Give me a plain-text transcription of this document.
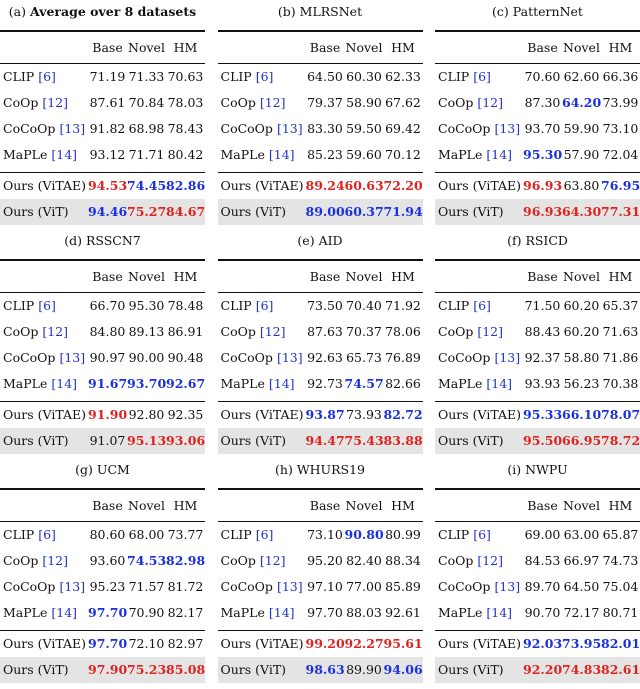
(a) Average over 8 datasets
Base Novel HM
CLIP [6]	71.19 71.33 70.63
CoOp [12]	87.61 70.84 78.03
CoCoOp [13] 91.82 68.98 78.43
MaPLe [14]	93.12 71.71 80.42
Ours (ViTAE) 94.53 74.45 82.86
Ours (ViT)	94.46 75.27 84.67
(b) MLRSNet
Base Novel HM
CLIP [6]	64.50 60.30 62.33
CoOp [12]	79.37 58.90 67.62
CoCoOp [13] 83.30 59.50 69.42
MaPLe [14]	85.23 59.60 70.12
Ours (ViTAE) 89.24 60.63 72.20
Ours (ViT)	89.00 60.37 71.94
(c) PatternNet
Base Novel HM
CLIP [6]	70.60 62.60 66.36
CoOp [12]	87.30 64.20 73.99
CoCoOp [13] 93.70 59.90 73.10
MaPLe [14] 95.30 57.90 72.04
Ours (ViTAE) 96.93 63.80 76.95
Ours (ViT)	96.93 64.30 77.31
(d) RSSCN7
Base Novel HM
CLIP [6]	66.70 95.30 78.48
CoOp [12]	84.80 89.13 86.91
CoCoOp [13] 90.97 90.00 90.48
MaPLe [14] 91.67 93.70 92.67
Ours (ViTAE) 91.90 92.80 92.35
Ours (ViT)	91.07 95.13 93.06
(e) AID
Base Novel HM
CLIP [6]	73.50 70.40 71.92
CoOp [12]	87.63 70.37 78.06
CoCoOp [13] 92.63 65.73 76.89
MaPLe [14]	92.73 74.57 82.66
Ours (ViTAE) 93.87 73.93 82.72
Ours (ViT)	94.47 75.43 83.88
(f) RSICD
Base Novel HM
CLIP [6]	71.50 60.20 65.37
CoOp [12]	88.43 60.20 71.63
CoCoOp [13] 92.37 58.80 71.86
MaPLe [14]	93.93 56.23 70.38
Ours (ViTAE) 95.33 66.10 78.07
Ours (ViT)	95.50 66.95 78.72
(g) UCM
Base Novel HM
CLIP [6]	80.60 68.00 73.77
CoOp [12]	93.60 74.53 82.98
CoCoOp [13] 95.23 71.57 81.72
MaPLe [14] 97.70 70.90 82.17
Ours (ViTAE) 97.70 72.10 82.97
Ours (ViT)	97.90 75.23 85.08
(h) WHURS19
Base Novel HM
CLIP [6]	73.10 90.80 80.99
CoOp [12]	95.20 82.40 88.34
CoCoOp [13] 97.10 77.00 85.89
MaPLe [14]	97.70 88.03 92.61
Ours (ViTAE) 99.20 92.27 95.61
Ours (ViT)	98.63 89.90 94.06
(i) NWPU
Base Novel HM
CLIP [6]	69.00 63.00 65.87
CoOp [12]	84.53 66.97 74.73
CoCoOp [13] 89.70 64.50 75.04
MaPLe [14]	90.70 72.17 80.71
Ours (ViTAE) 92.03 73.95 82.01
Ours (ViT)	92.20 74.83 82.61
